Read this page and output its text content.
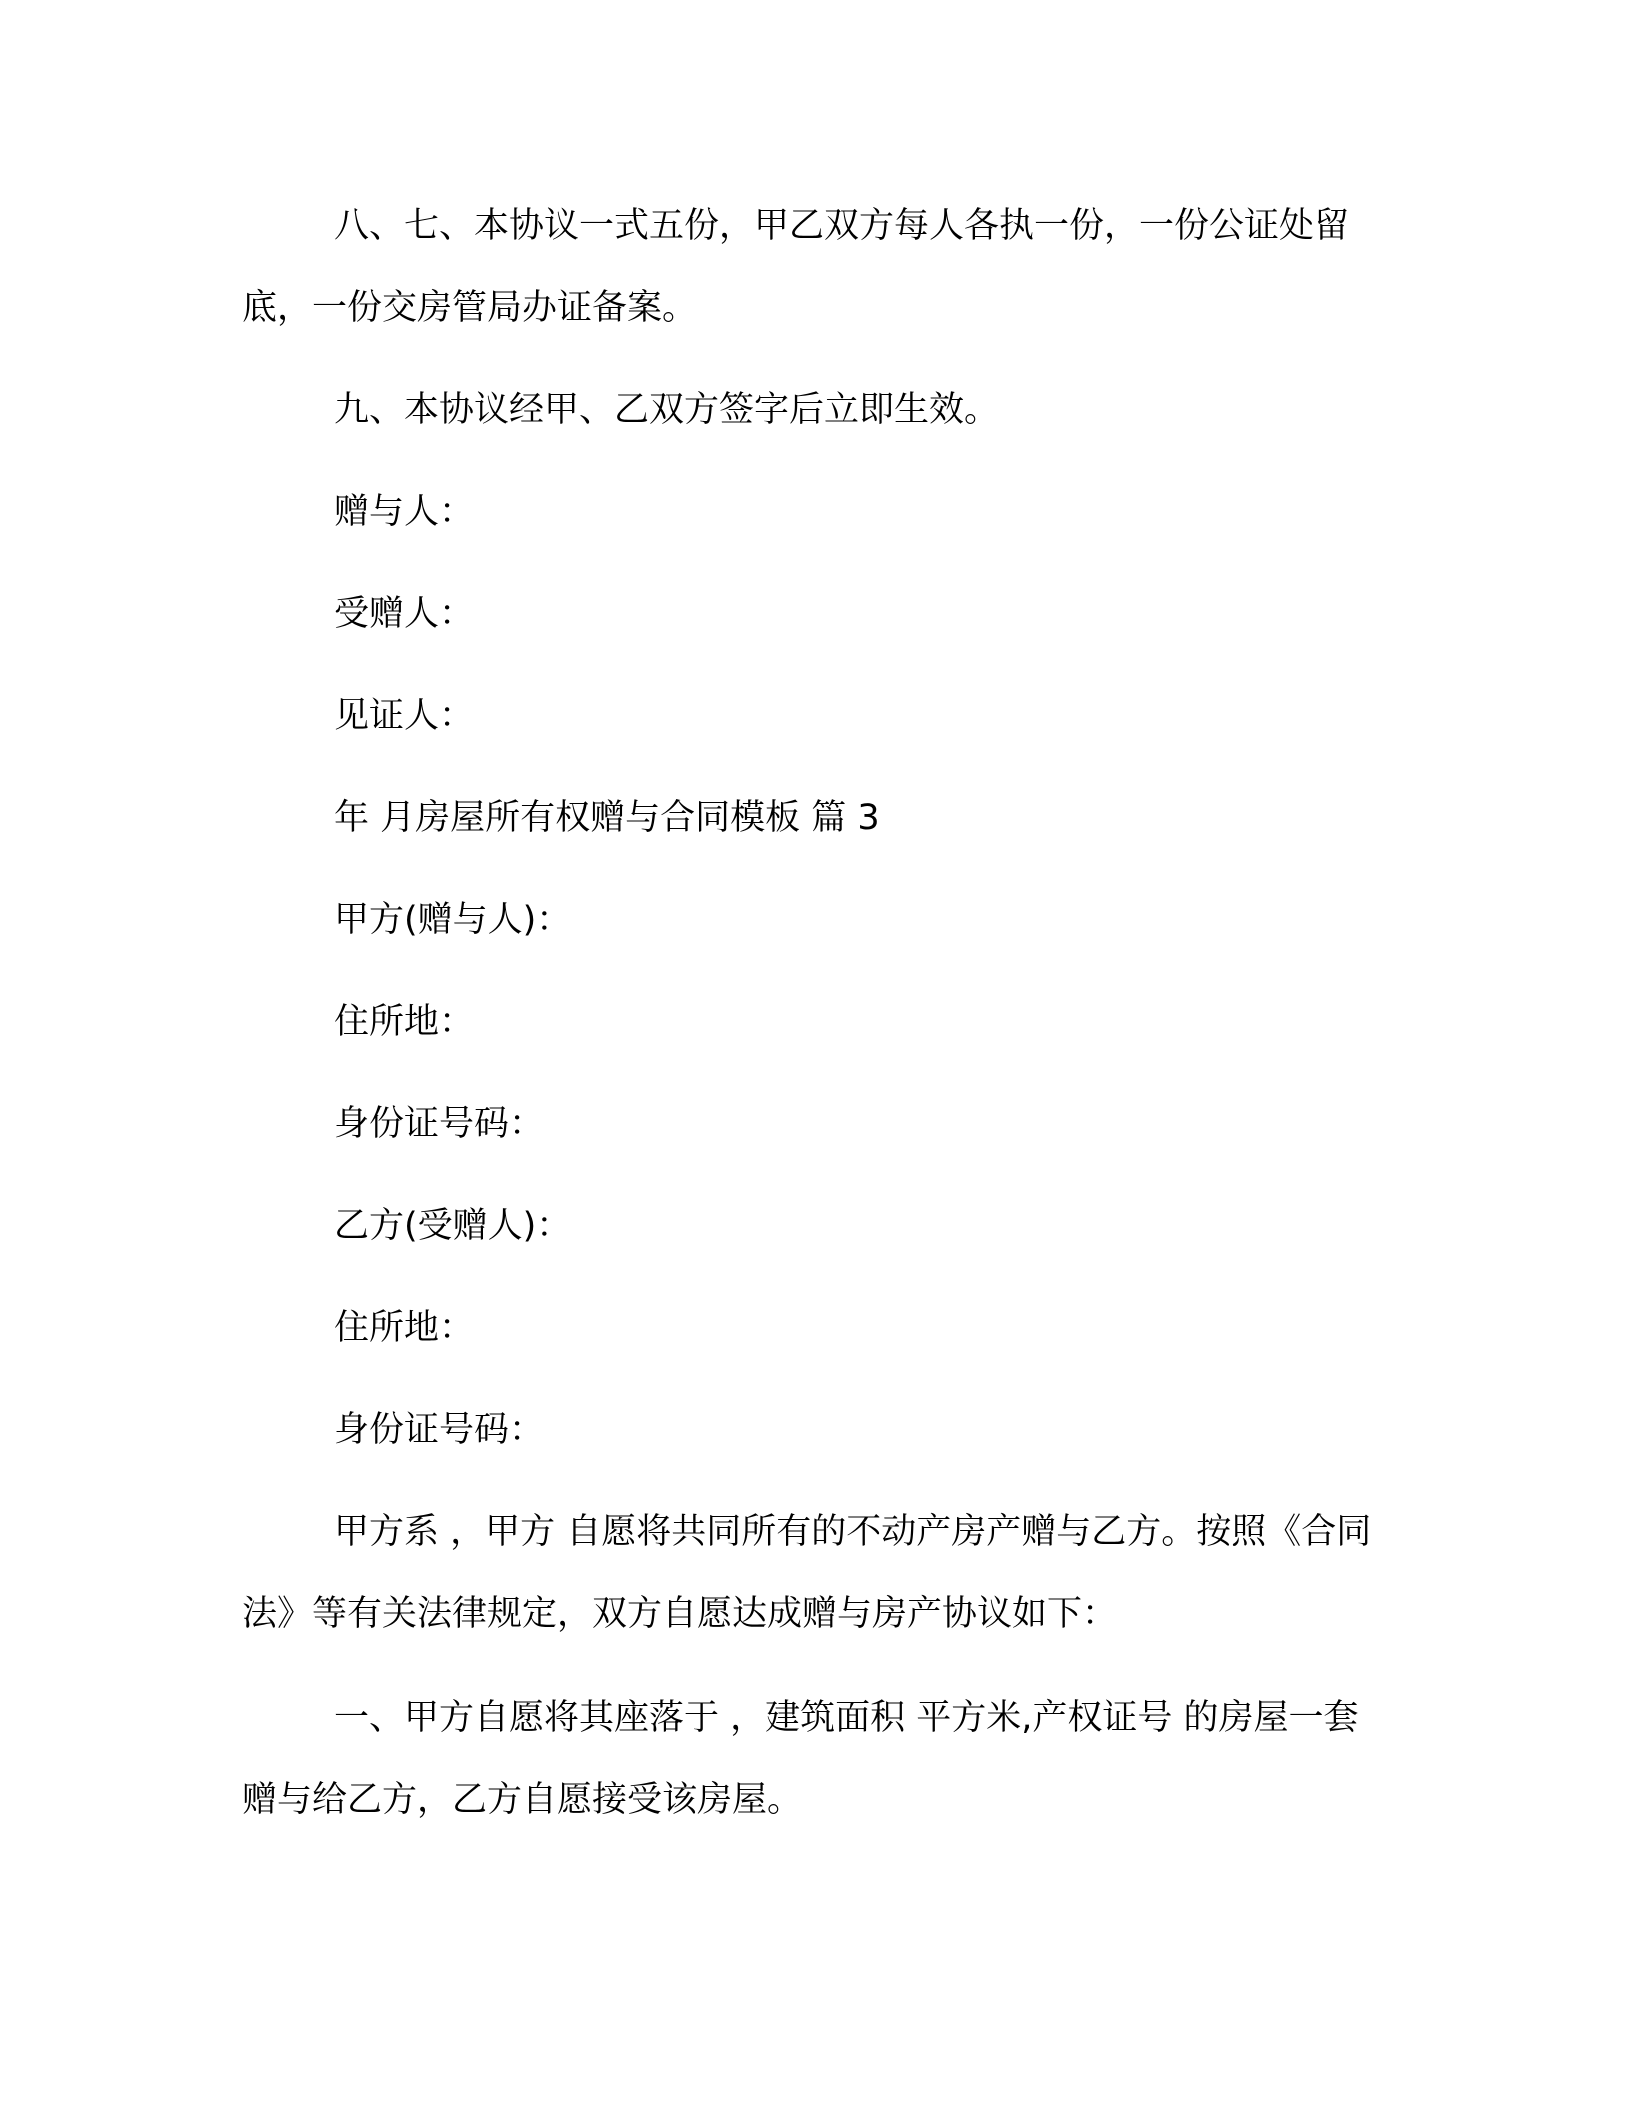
八、七、本协议一式五份，甲乙双方每人各执一份，一份公证处留底，一份交房管局办证备案。

九、本协议经甲、乙双方签字后立即生效。

赠与人：

受赠人：

见证人：

年 月房屋所有权赠与合同模板 篇 3

甲方(赠与人)：

住所地：

身份证号码：

乙方(受赠人)：

住所地：

身份证号码：

甲方系 ，甲方 自愿将共同所有的不动产房产赠与乙方。按照《合同法》等有关法律规定，双方自愿达成赠与房产协议如下：

一、甲方自愿将其座落于 ，建筑面积 平方米,产权证号 的房屋一套赠与给乙方，乙方自愿接受该房屋。
